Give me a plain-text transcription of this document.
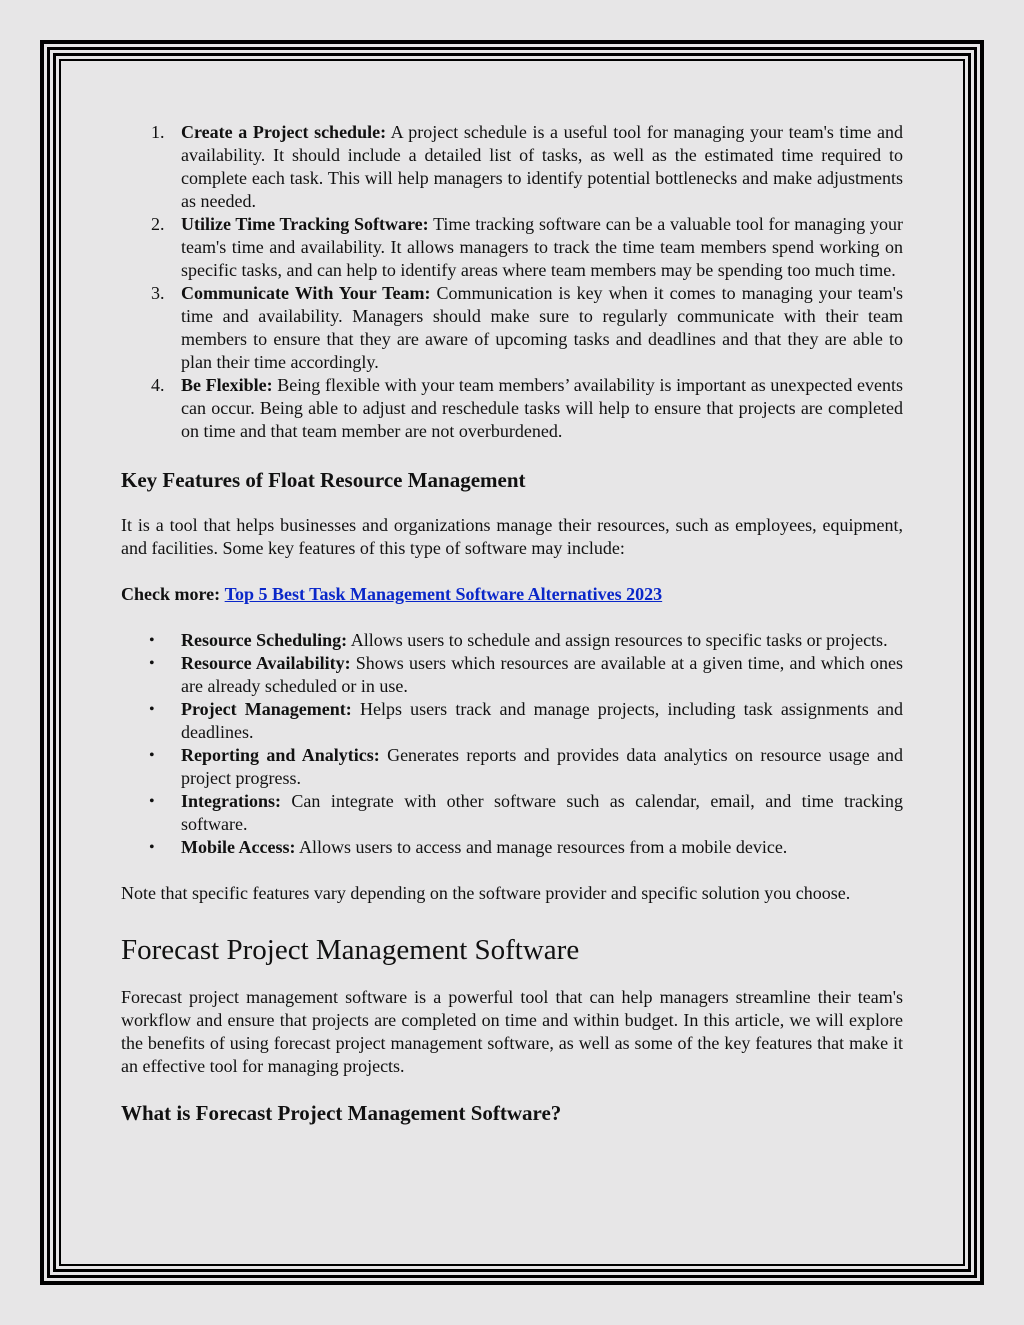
1. Create a Project schedule: A project schedule is a useful tool for managing your team's time and availability. It should include a detailed list of tasks, as well as the estimated time required to complete each task. This will help managers to identify potential bottlenecks and make adjustments as needed.
2. Utilize Time Tracking Software: Time tracking software can be a valuable tool for managing your team's time and availability. It allows managers to track the time team members spend working on specific tasks, and can help to identify areas where team members may be spending too much time.
3. Communicate With Your Team: Communication is key when it comes to managing your team's time and availability. Managers should make sure to regularly communicate with their team members to ensure that they are aware of upcoming tasks and deadlines and that they are able to plan their time accordingly.
4. Be Flexible: Being flexible with your team members’ availability is important as unexpected events can occur. Being able to adjust and reschedule tasks will help to ensure that projects are completed on time and that team member are not overburdened.
Key Features of Float Resource Management

It is a tool that helps businesses and organizations manage their resources, such as employees, equipment, and facilities. Some key features of this type of software may include:

Check more: Top 5 Best Task Management Software Alternatives 2023

• Resource Scheduling: Allows users to schedule and assign resources to specific tasks or projects.
• Resource Availability: Shows users which resources are available at a given time, and which ones are already scheduled or in use.
• Project Management: Helps users track and manage projects, including task assignments and deadlines.
• Reporting and Analytics: Generates reports and provides data analytics on resource usage and project progress.
• Integrations: Can integrate with other software such as calendar, email, and time tracking software.
• Mobile Access: Allows users to access and manage resources from a mobile device.

Note that specific features vary depending on the software provider and specific solution you choose.

Forecast Project Management Software

Forecast project management software is a powerful tool that can help managers streamline their team's workflow and ensure that projects are completed on time and within budget. In this article, we will explore the benefits of using forecast project management software, as well as some of the key features that make it an effective tool for managing projects.

What is Forecast Project Management Software?
